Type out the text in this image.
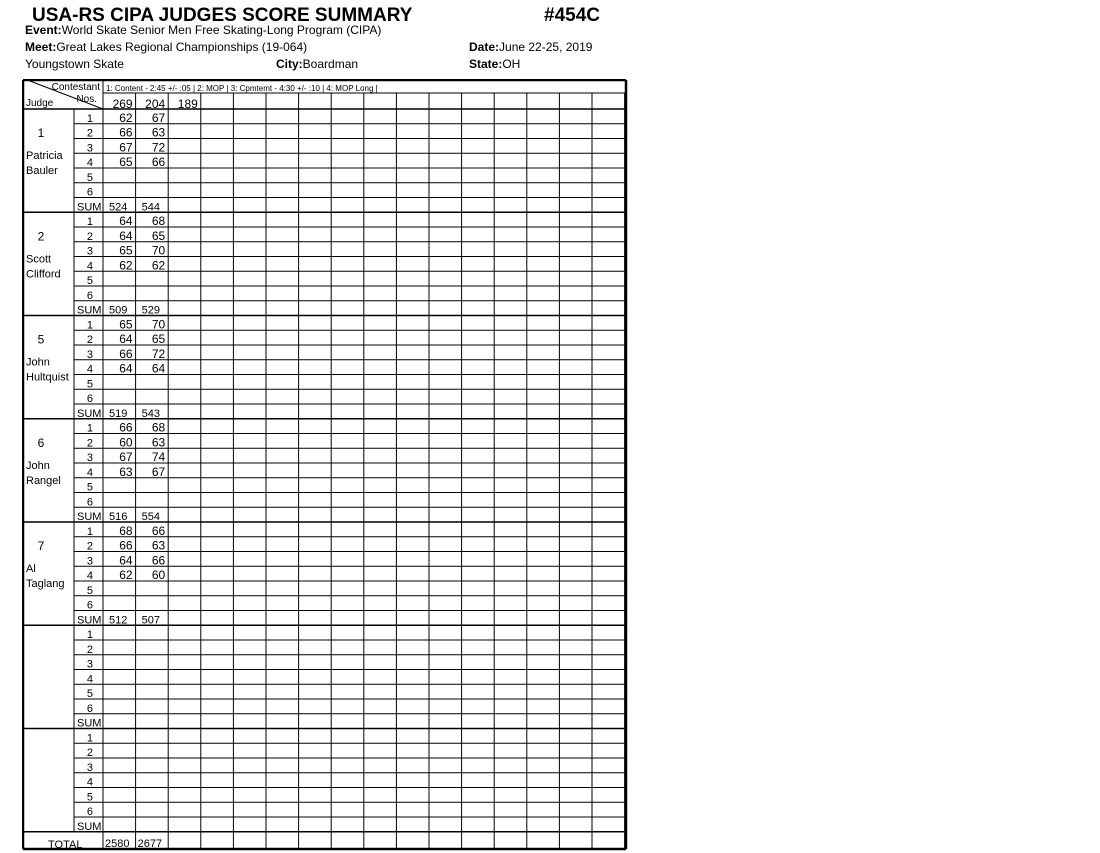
USA-RS CIPA JUDGES SCORE SUMMARY	#454C
Event:World Skate Senior Men Free Skating-Long Program (CIPA)
Meet:Great Lakes Regional Championships (19-064)	Date:June 22-25, 2019
Youngstown Skate	City:Boardman	State:OH
Contestant
Nos.
Judge
1: Content - 2:45 +/- :05 | 2: MOP | 3: Cpmtemt - 4:30 +/- :10 | 4: MOP Long |
269 204 189
1
Patricia
Bauler
1 62 67
2 66 63
3 67 72
4 65 66
5
6
SUM 524 544
2
Scott
Clifford
1 64 68
2 64 65
3 65 70
4 62 62
5
6
SUM 509 529
5
John
Hultquist
1 65 70
2 64 65
3 66 72
4 64 64
5
6
SUM 519 543
6
John
Rangel
1 66 68
2 60 63
3 67 74
4 63 67
5
6
SUM 516 554
7
Al
Taglang
1 68 66
2 66 63
3 64 66
4 62 60
5
6
SUM 512 507
1
2
3
4
5
6
SUM
1
2
3
4
5
6
SUM
TOTAL 2580 2677
